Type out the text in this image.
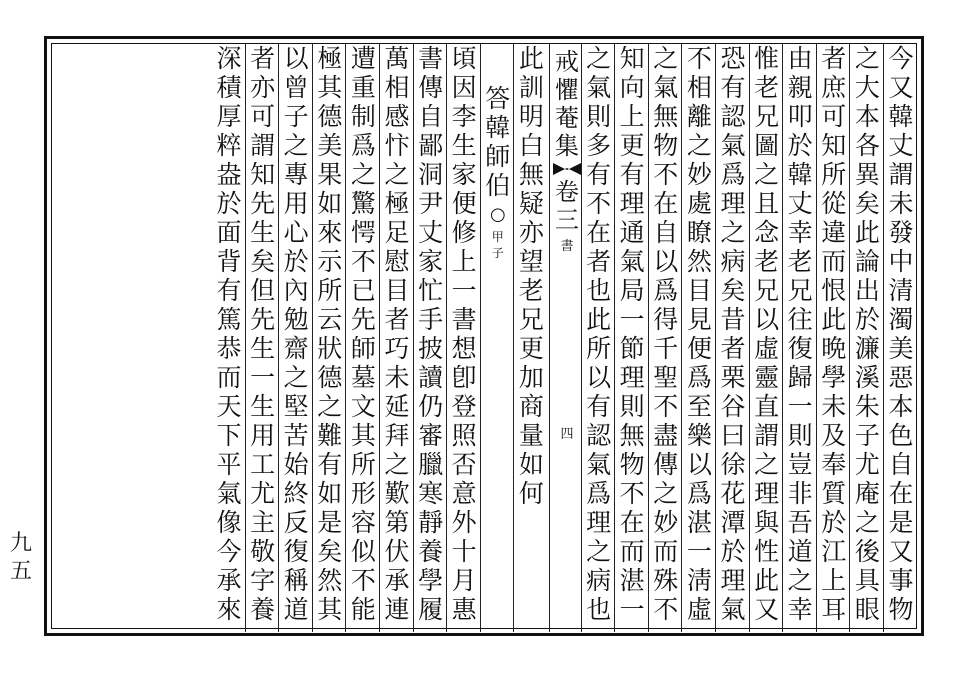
九
五
今
又
韓
丈
謂
未
發
中
清
濁
美
惡
本
色
自
在
是
又
事
物
之
大
本
各
異
矣
此
論
出
於
濂
溪
朱
子
尤
庵
之
後
具
眼
者
庶
可
知
所
從
違
而
恨
此
晩
學
未
及
奉
質
於
江
上
耳
由
親
叩
於
韓
丈
幸
老
兄
往
復
歸
一
則
豈
非
吾
道
之
幸
惟
老
兄
圖
之
且
念
老
兄
以
虛
靈
直
謂
之
理
與
性
此
又
恐
有
認
氣
爲
理
之
病
矣
昔
者
栗
谷
曰
徐
花
潭
於
理
氣
不
相
離
之
妙
處
瞭
然
目
見
便
爲
至
樂
以
爲
湛
一
淸
虛
之
氣
無
物
不
在
自
以
爲
得
千
聖
不
盡
傳
之
妙
而
殊
不
知
向
上
更
有
理
通
氣
局
一
節
理
則
無
物
不
在
而
湛
一
之
氣
則
多
有
不
在
者
也
此
所
以
有
認
氣
爲
理
之
病
也
戒
懼
菴
集
卷
三
書
四
此
訓
明
白
無
疑
亦
望
老
兄
更
加
商
量
如
何
答
韓
師
伯
○
甲
子
頃
因
李
生
家
便
修
上
一
書
想
卽
登
照
否
意
外
十
月
惠
書
傳
自
鄙
洞
尹
丈
家
忙
手
披
讀
仍
審
臘
寒
靜
養
學
履
萬
相
感
忭
之
極
足
慰
目
者
巧
未
延
拜
之
歎
第
伏
承
連
遭
重
制
爲
之
驚
愕
不
已
先
師
墓
文
其
所
形
容
似
不
能
極
其
德
美
果
如
來
示
所
云
狀
德
之
難
有
如
是
矣
然
其
以
曾
子
之
專
用
心
於
內
勉
齋
之
堅
苦
始
終
反
復
稱
道
者
亦
可
謂
知
先
生
矣
但
先
生
一
生
用
工
尤
主
敬
字
養
深
積
厚
粹
盎
於
面
背
有
篤
恭
而
天
下
平
氣
像
今
承
來
